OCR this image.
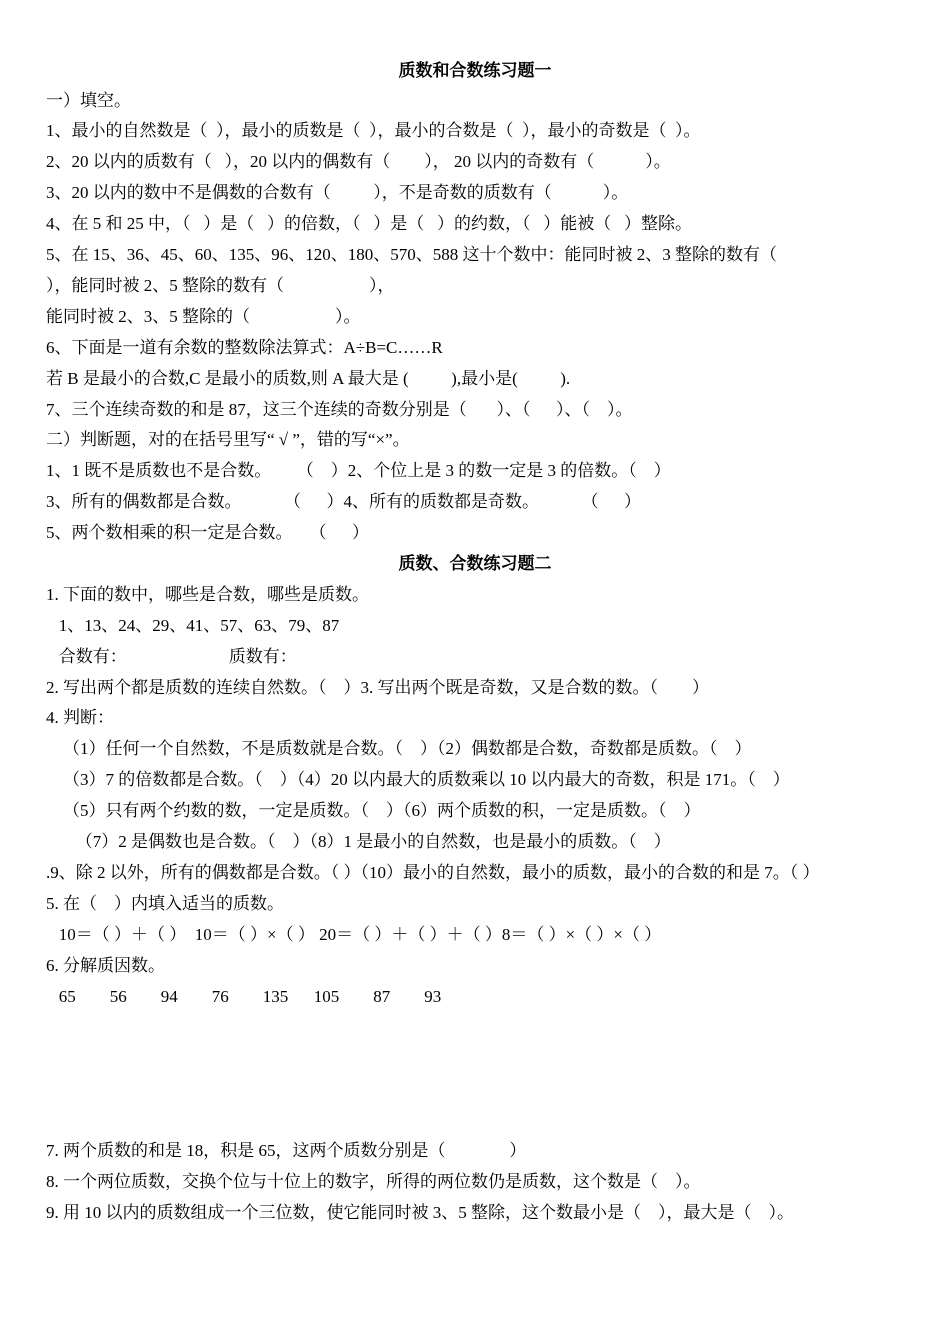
质数和合数练习题一
一）填空。
1、最小的自然数是（  ），最小的质数是（  ），最小的合数是（  ），最小的奇数是（  ）。
2、20 以内的质数有（   ），20 以内的偶数有（        ）， 20 以内的奇数有（            ）。
3、20 以内的数中不是偶数的合数有（          ），不是奇数的质数有（            ）。
4、在 5 和 25 中，（   ）是（   ）的倍数，（   ）是（   ）的约数，（   ）能被（   ）整除。
5、在 15、36、45、60、135、96、120、180、570、588 这十个数中：能同时被 2、3 整除的数有（
），能同时被 2、5 整除的数有（                    ），
能同时被 2、3、5 整除的（                    ）。
6、下面是一道有余数的整数除法算式：A÷B=C……R
若 B 是最小的合数,C 是最小的质数,则 A 最大是 (          ),最小是(          ).
7、三个连续奇数的和是 87，这三个连续的奇数分别是（       ）、（      ）、（    ）。
二）判断题，对的在括号里写“ √ ”，错的写“×”。
1、1 既不是质数也不是合数。      （    ）2、个位上是 3 的数一定是 3 的倍数。（    ）
3、所有的偶数都是合数。          （      ）4、所有的质数都是奇数。          （      ）
5、两个数相乘的积一定是合数。    （      ）
质数、合数练习题二
1. 下面的数中，哪些是合数，哪些是质数。
1、13、24、29、41、57、63、79、87
合数有：                        质数有：
2. 写出两个都是质数的连续自然数。（    ）3. 写出两个既是奇数，又是合数的数。（        ）
4. 判断：
（1）任何一个自然数，不是质数就是合数。（    ）（2）偶数都是合数，奇数都是质数。（    ）
（3）7 的倍数都是合数。（    ）（4）20 以内最大的质数乘以 10 以内最大的奇数，积是 171。（    ）
（5）只有两个约数的数，一定是质数。（    ）（6）两个质数的积，一定是质数。（    ）
（7）2 是偶数也是合数。（    ）（8）1 是最小的自然数，也是最小的质数。（    ）
.9、除 2 以外，所有的偶数都是合数。（ ）（10）最小的自然数，最小的质数，最小的合数的和是 7。（ ）
5. 在（    ）内填入适当的质数。
10＝（ ）＋（ ）  10＝（ ）×（ ） 20＝（ ）＋（ ）＋（ ）8＝（ ）×（ ）×（ ）
6. 分解质因数。
65        56        94        76        135      105        87        93
7. 两个质数的和是 18，积是 65，这两个质数分别是（               ）
8. 一个两位质数，交换个位与十位上的数字，所得的两位数仍是质数，这个数是（    ）。
9. 用 10 以内的质数组成一个三位数，使它能同时被 3、5 整除，这个数最小是（    ），最大是（    ）。
